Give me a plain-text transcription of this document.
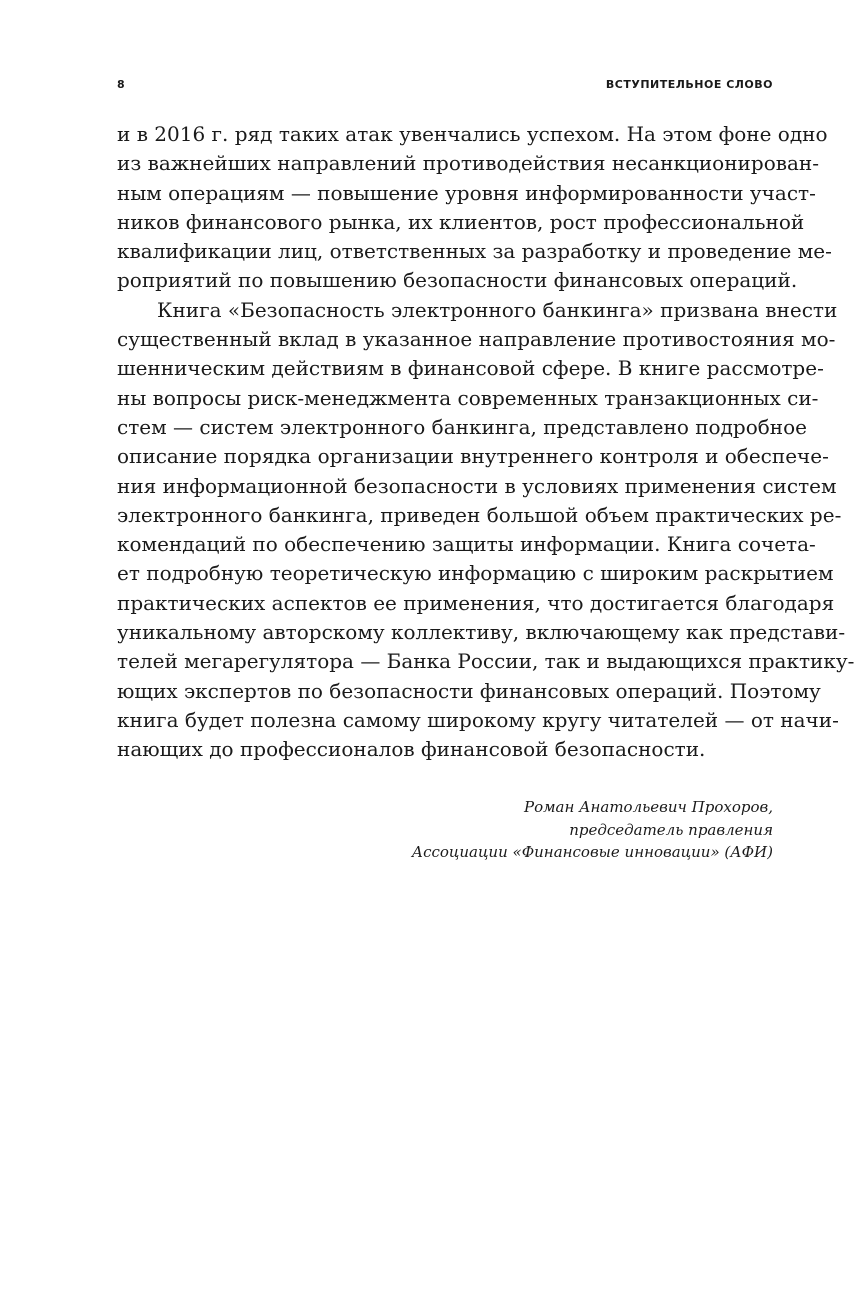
8	ВСТУПИТЕЛЬНОЕ СЛОВО
и в 2016 г. ряд таких атак увенчались успехом. На этом фоне одно
из важнейших направлений противодействия несанкционирован-
ным операциям — повышение уровня информированности участ-
ников финансового рынка, их клиентов, рост профессиональной
квалификации лиц, ответственных за разработку и проведение ме-
роприятий по повышению безопасности финансовых операций.
Книга «Безопасность электронного банкинга» призвана внести
существенный вклад в указанное направление противостояния мо-
шенническим действиям в финансовой сфере. В книге рассмотре-
ны вопросы риск-менеджмента современных транзакционных си-
стем — систем электронного банкинга, представлено подробное
описание порядка организации внутреннего контроля и обеспече-
ния информационной безопасности в условиях применения систем
электронного банкинга, приведен большой объем практических ре-
комендаций по обеспечению защиты информации. Книга сочета-
ет подробную теоретическую информацию с широким раскрытием
практических аспектов ее применения, что достигается благодаря
уникальному авторскому коллективу, включающему как представи-
телей мегарегулятора — Банка России, так и выдающихся практику-
ющих экспертов по безопасности финансовых операций. Поэтому
книга будет полезна самому широкому кругу читателей — от начи-
нающих до профессионалов финансовой безопасности.
Роман Анатольевич Прохоров,
председатель правления
Ассоциации «Финансовые инновации» (АФИ)
